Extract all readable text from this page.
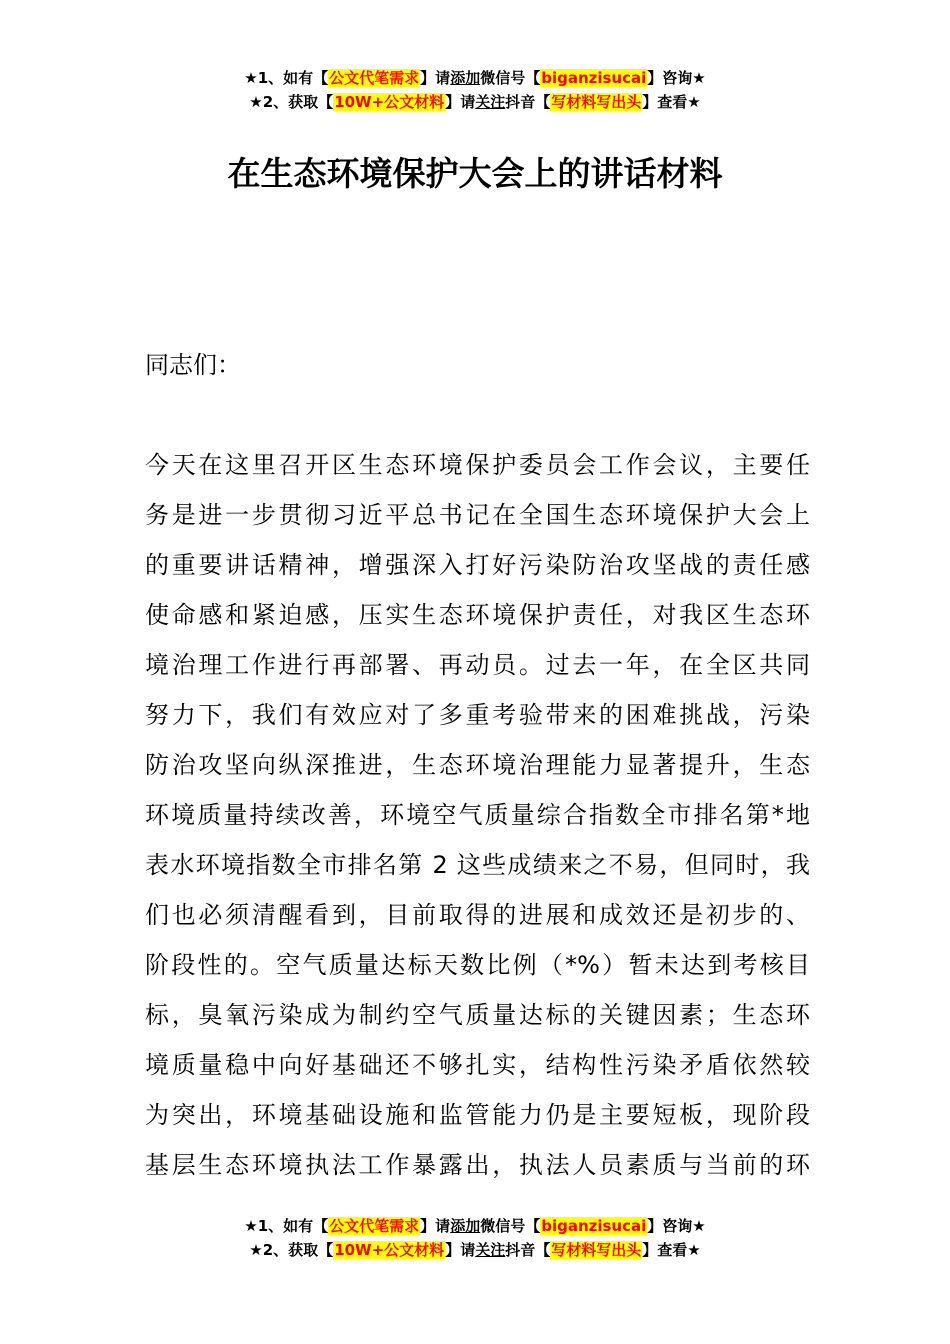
★1、如有【公文代笔需求】请添加微信号【biganzisucai】咨询★
★2、获取【10W+公文材料】请关注抖音【写材料写出头】查看★
在生态环境保护大会上的讲话材料

同志们：

今天在这里召开区生态环境保护委员会工作会议，主要任
务是进一步贯彻习近平总书记在全国生态环境保护大会上
的重要讲话精神，增强深入打好污染防治攻坚战的责任感
使命感和紧迫感，压实生态环境保护责任，对我区生态环
境治理工作进行再部署、再动员。过去一年，在全区共同
努力下，我们有效应对了多重考验带来的困难挑战，污染
防治攻坚向纵深推进，生态环境治理能力显著提升，生态
环境质量持续改善，环境空气质量综合指数全市排名第*地
表水环境指数全市排名第 2 这些成绩来之不易，但同时，我
们也必须清醒看到，目前取得的进展和成效还是初步的、
阶段性的。空气质量达标天数比例（*%）暂未达到考核目
标，臭氧污染成为制约空气质量达标的关键因素；生态环
境质量稳中向好基础还不够扎实，结构性污染矛盾依然较
为突出，环境基础设施和监管能力仍是主要短板，现阶段
基层生态环境执法工作暴露出，执法人员素质与当前的环
★1、如有【公文代笔需求】请添加微信号【biganzisucai】咨询★
★2、获取【10W+公文材料】请关注抖音【写材料写出头】查看★
